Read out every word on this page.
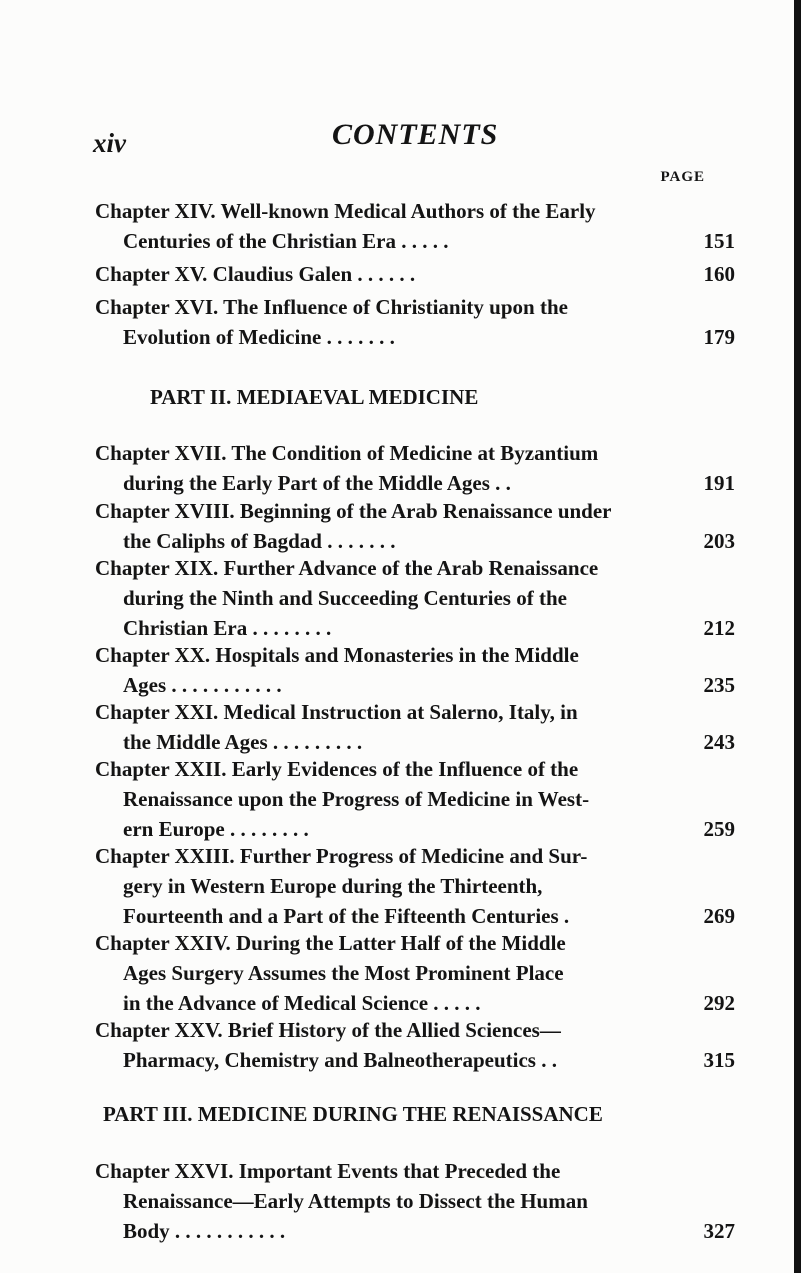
xiv	CONTENTS
PAGE
Chapter XIV. Well-known Medical Authors of the Early
Centuries of the Christian Era . . . . .	151
Chapter XV. Claudius Galen . . . . . .	160
Chapter XVI. The Influence of Christianity upon the
Evolution of Medicine . . . . . . .	179
PART II. MEDIAEVAL MEDICINE
Chapter XVII. The Condition of Medicine at Byzantium
during the Early Part of the Middle Ages . .	191
Chapter XVIII. Beginning of the Arab Renaissance under
the Caliphs of Bagdad . . . . . . .	203
Chapter XIX. Further Advance of the Arab Renaissance
during the Ninth and Succeeding Centuries of the
Christian Era . . . . . . . .	212
Chapter XX. Hospitals and Monasteries in the Middle
Ages . . . . . . . . . . .	235
Chapter XXI. Medical Instruction at Salerno, Italy, in
the Middle Ages . . . . . . . . .	243
Chapter XXII. Early Evidences of the Influence of the
Renaissance upon the Progress of Medicine in West-
ern Europe . . . . . . . .	259
Chapter XXIII. Further Progress of Medicine and Sur-
gery in Western Europe during the Thirteenth,
Fourteenth and a Part of the Fifteenth Centuries .	269
Chapter XXIV. During the Latter Half of the Middle
Ages Surgery Assumes the Most Prominent Place
in the Advance of Medical Science . . . . .	292
Chapter XXV. Brief History of the Allied Sciences—
Pharmacy, Chemistry and Balneotherapeutics . .	315
PART III. MEDICINE DURING THE RENAISSANCE
Chapter XXVI. Important Events that Preceded the
Renaissance—Early Attempts to Dissect the Human
Body . . . . . . . . . . .	327
